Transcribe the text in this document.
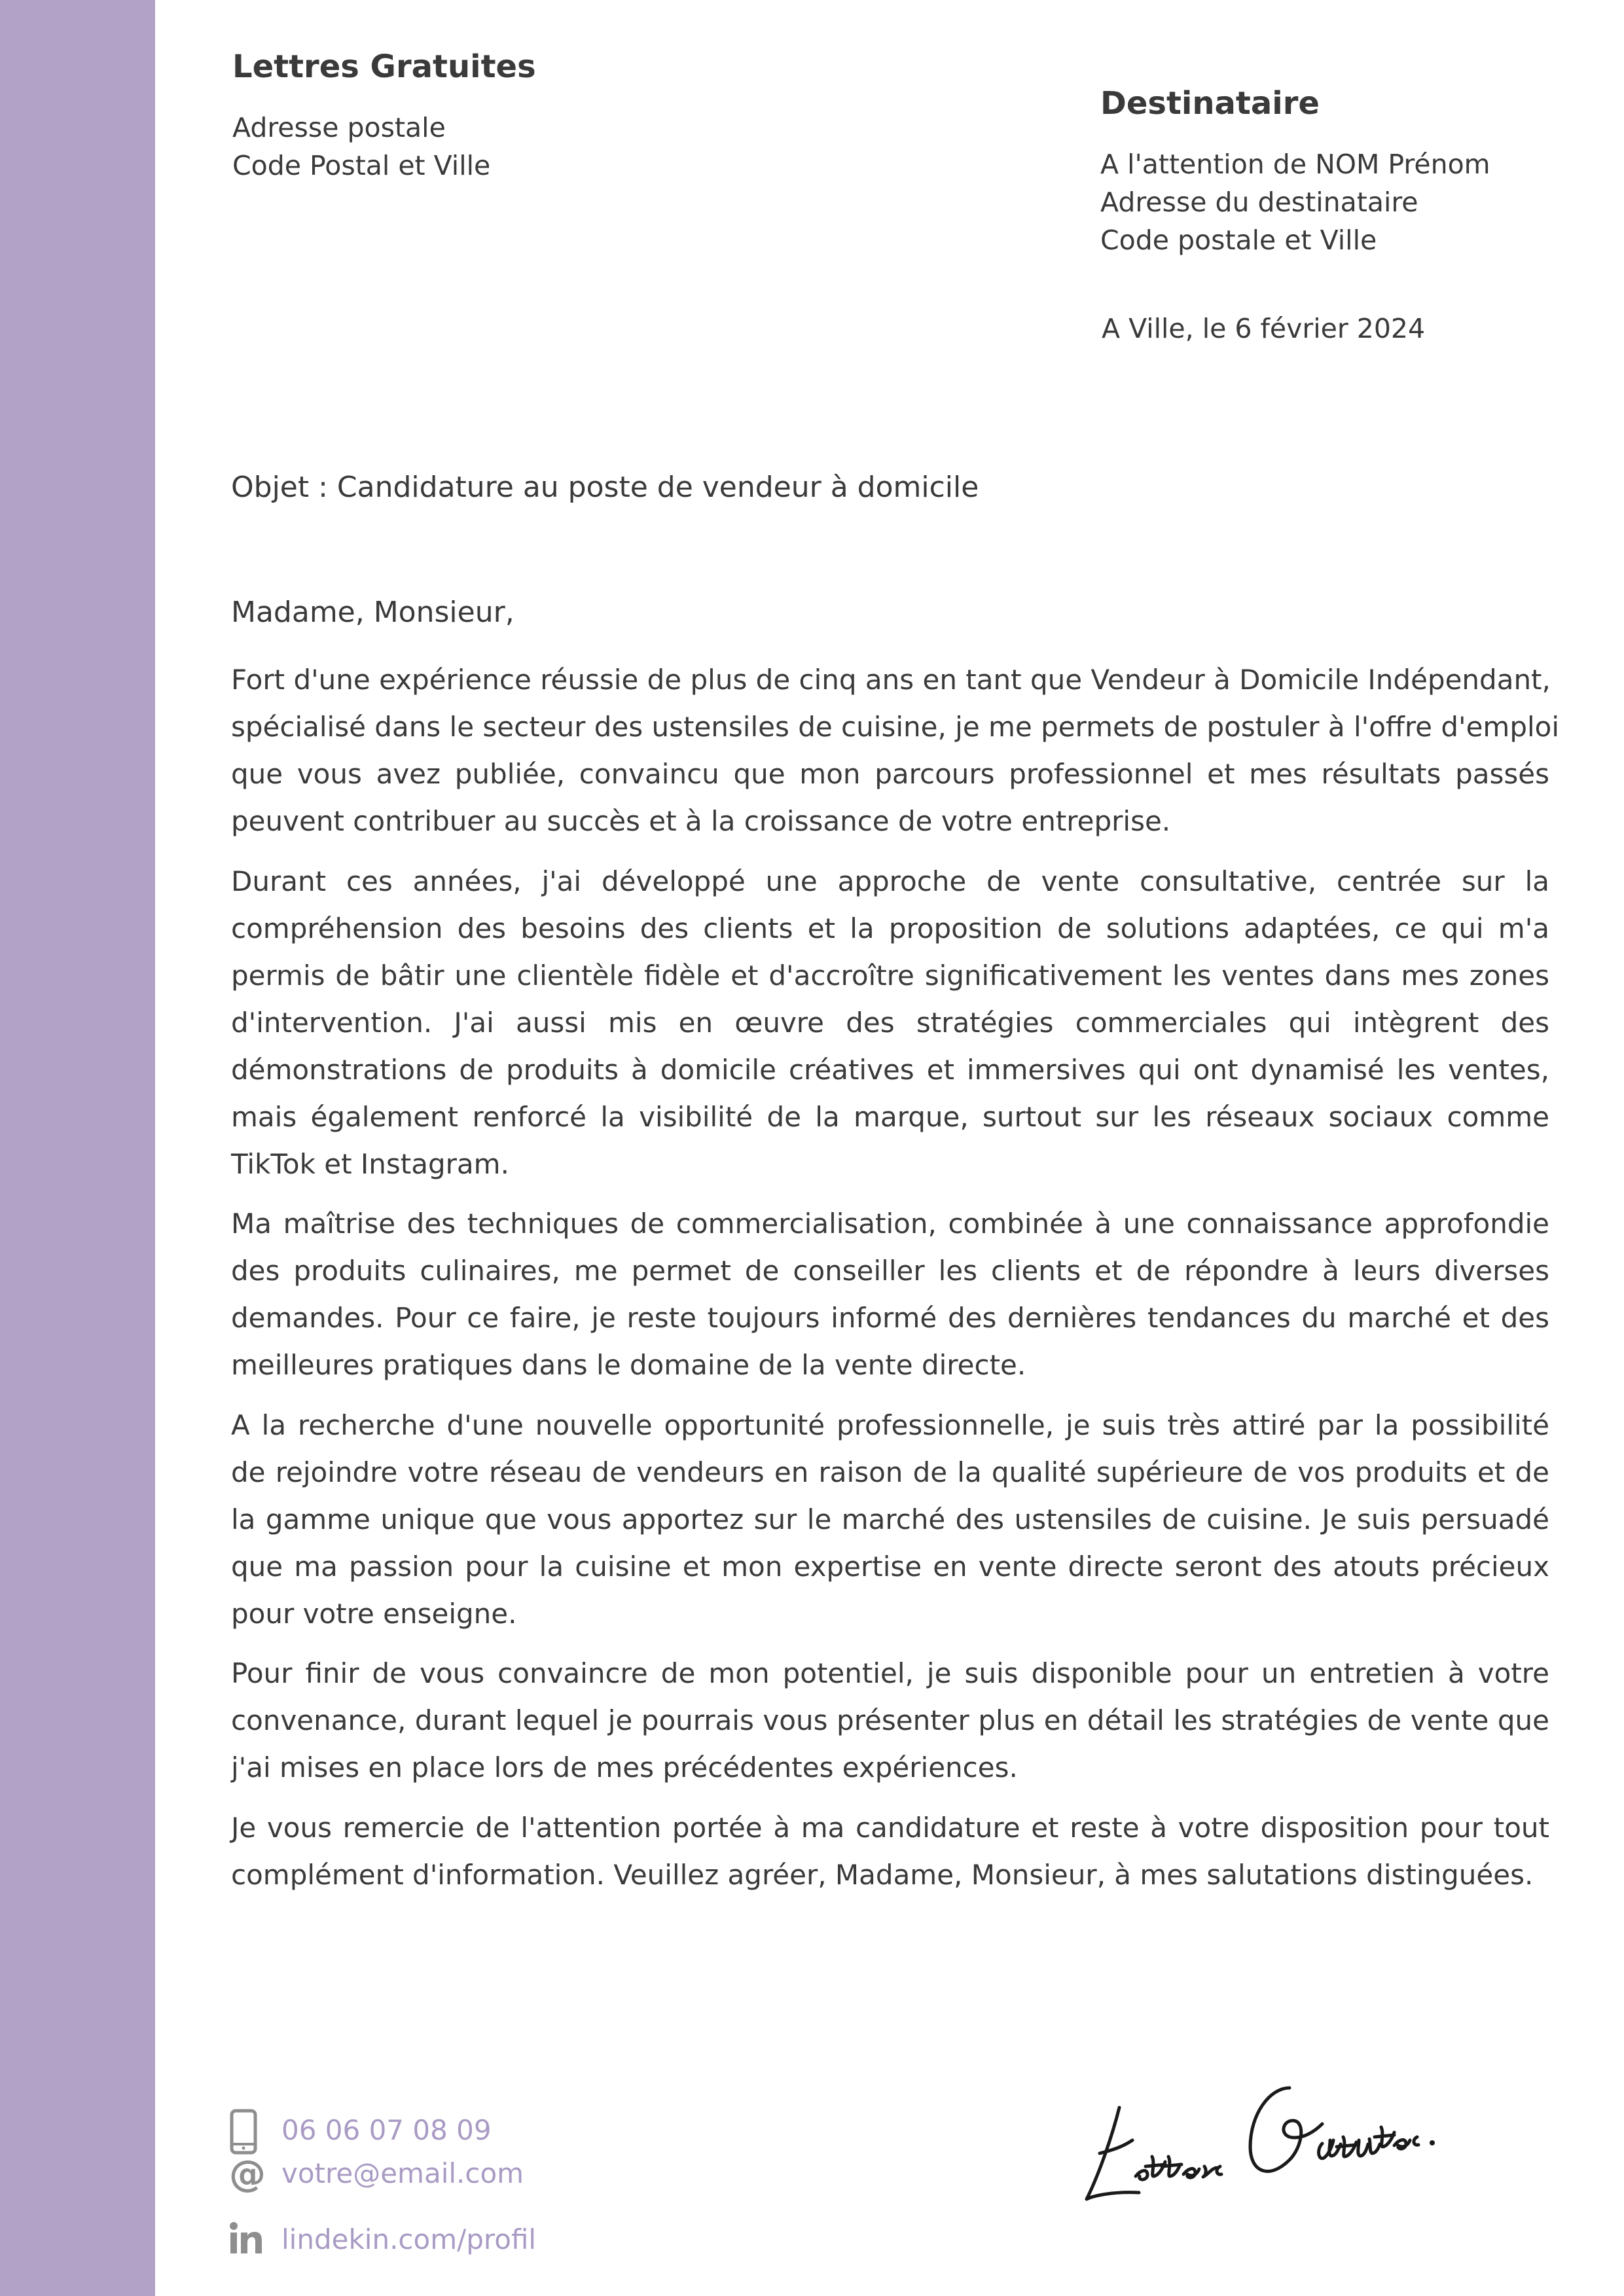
Lettres Gratuites
Adresse postale
Code Postal et Ville
Destinataire
A l'attention de NOM Prénom
Adresse du destinataire
Code postale et Ville
A Ville, le 6 février 2024
Objet : Candidature au poste de vendeur à domicile
Madame, Monsieur,

Fort d'une expérience réussie de plus de cinq ans en tant que Vendeur à Domicile Indépendant,
spécialisé dans le secteur des ustensiles de cuisine, je me permets de postuler à l'offre d'emploi
que vous avez publiée, convaincu que mon parcours professionnel et mes résultats passés
peuvent contribuer au succès et à la croissance de votre entreprise.

Durant ces années, j'ai développé une approche de vente consultative, centrée sur la
compréhension des besoins des clients et la proposition de solutions adaptées, ce qui m'a
permis de bâtir une clientèle fidèle et d'accroître significativement les ventes dans mes zones
d'intervention. J'ai aussi mis en œuvre des stratégies commerciales qui intègrent des
démonstrations de produits à domicile créatives et immersives qui ont dynamisé les ventes,
mais également renforcé la visibilité de la marque, surtout sur les réseaux sociaux comme
TikTok et Instagram.

Ma maîtrise des techniques de commercialisation, combinée à une connaissance approfondie
des produits culinaires, me permet de conseiller les clients et de répondre à leurs diverses
demandes. Pour ce faire, je reste toujours informé des dernières tendances du marché et des
meilleures pratiques dans le domaine de la vente directe.

A la recherche d'une nouvelle opportunité professionnelle, je suis très attiré par la possibilité
de rejoindre votre réseau de vendeurs en raison de la qualité supérieure de vos produits et de
la gamme unique que vous apportez sur le marché des ustensiles de cuisine. Je suis persuadé
que ma passion pour la cuisine et mon expertise en vente directe seront des atouts précieux
pour votre enseigne.

Pour finir de vous convaincre de mon potentiel, je suis disponible pour un entretien à votre
convenance, durant lequel je pourrais vous présenter plus en détail les stratégies de vente que
j'ai mises en place lors de mes précédentes expériences.

Je vous remercie de l'attention portée à ma candidature et reste à votre disposition pour tout
complément d'information. Veuillez agréer, Madame, Monsieur, à mes salutations distinguées.

06 06 07 08 09
@ votre@email.com
lindekin.com/profil
